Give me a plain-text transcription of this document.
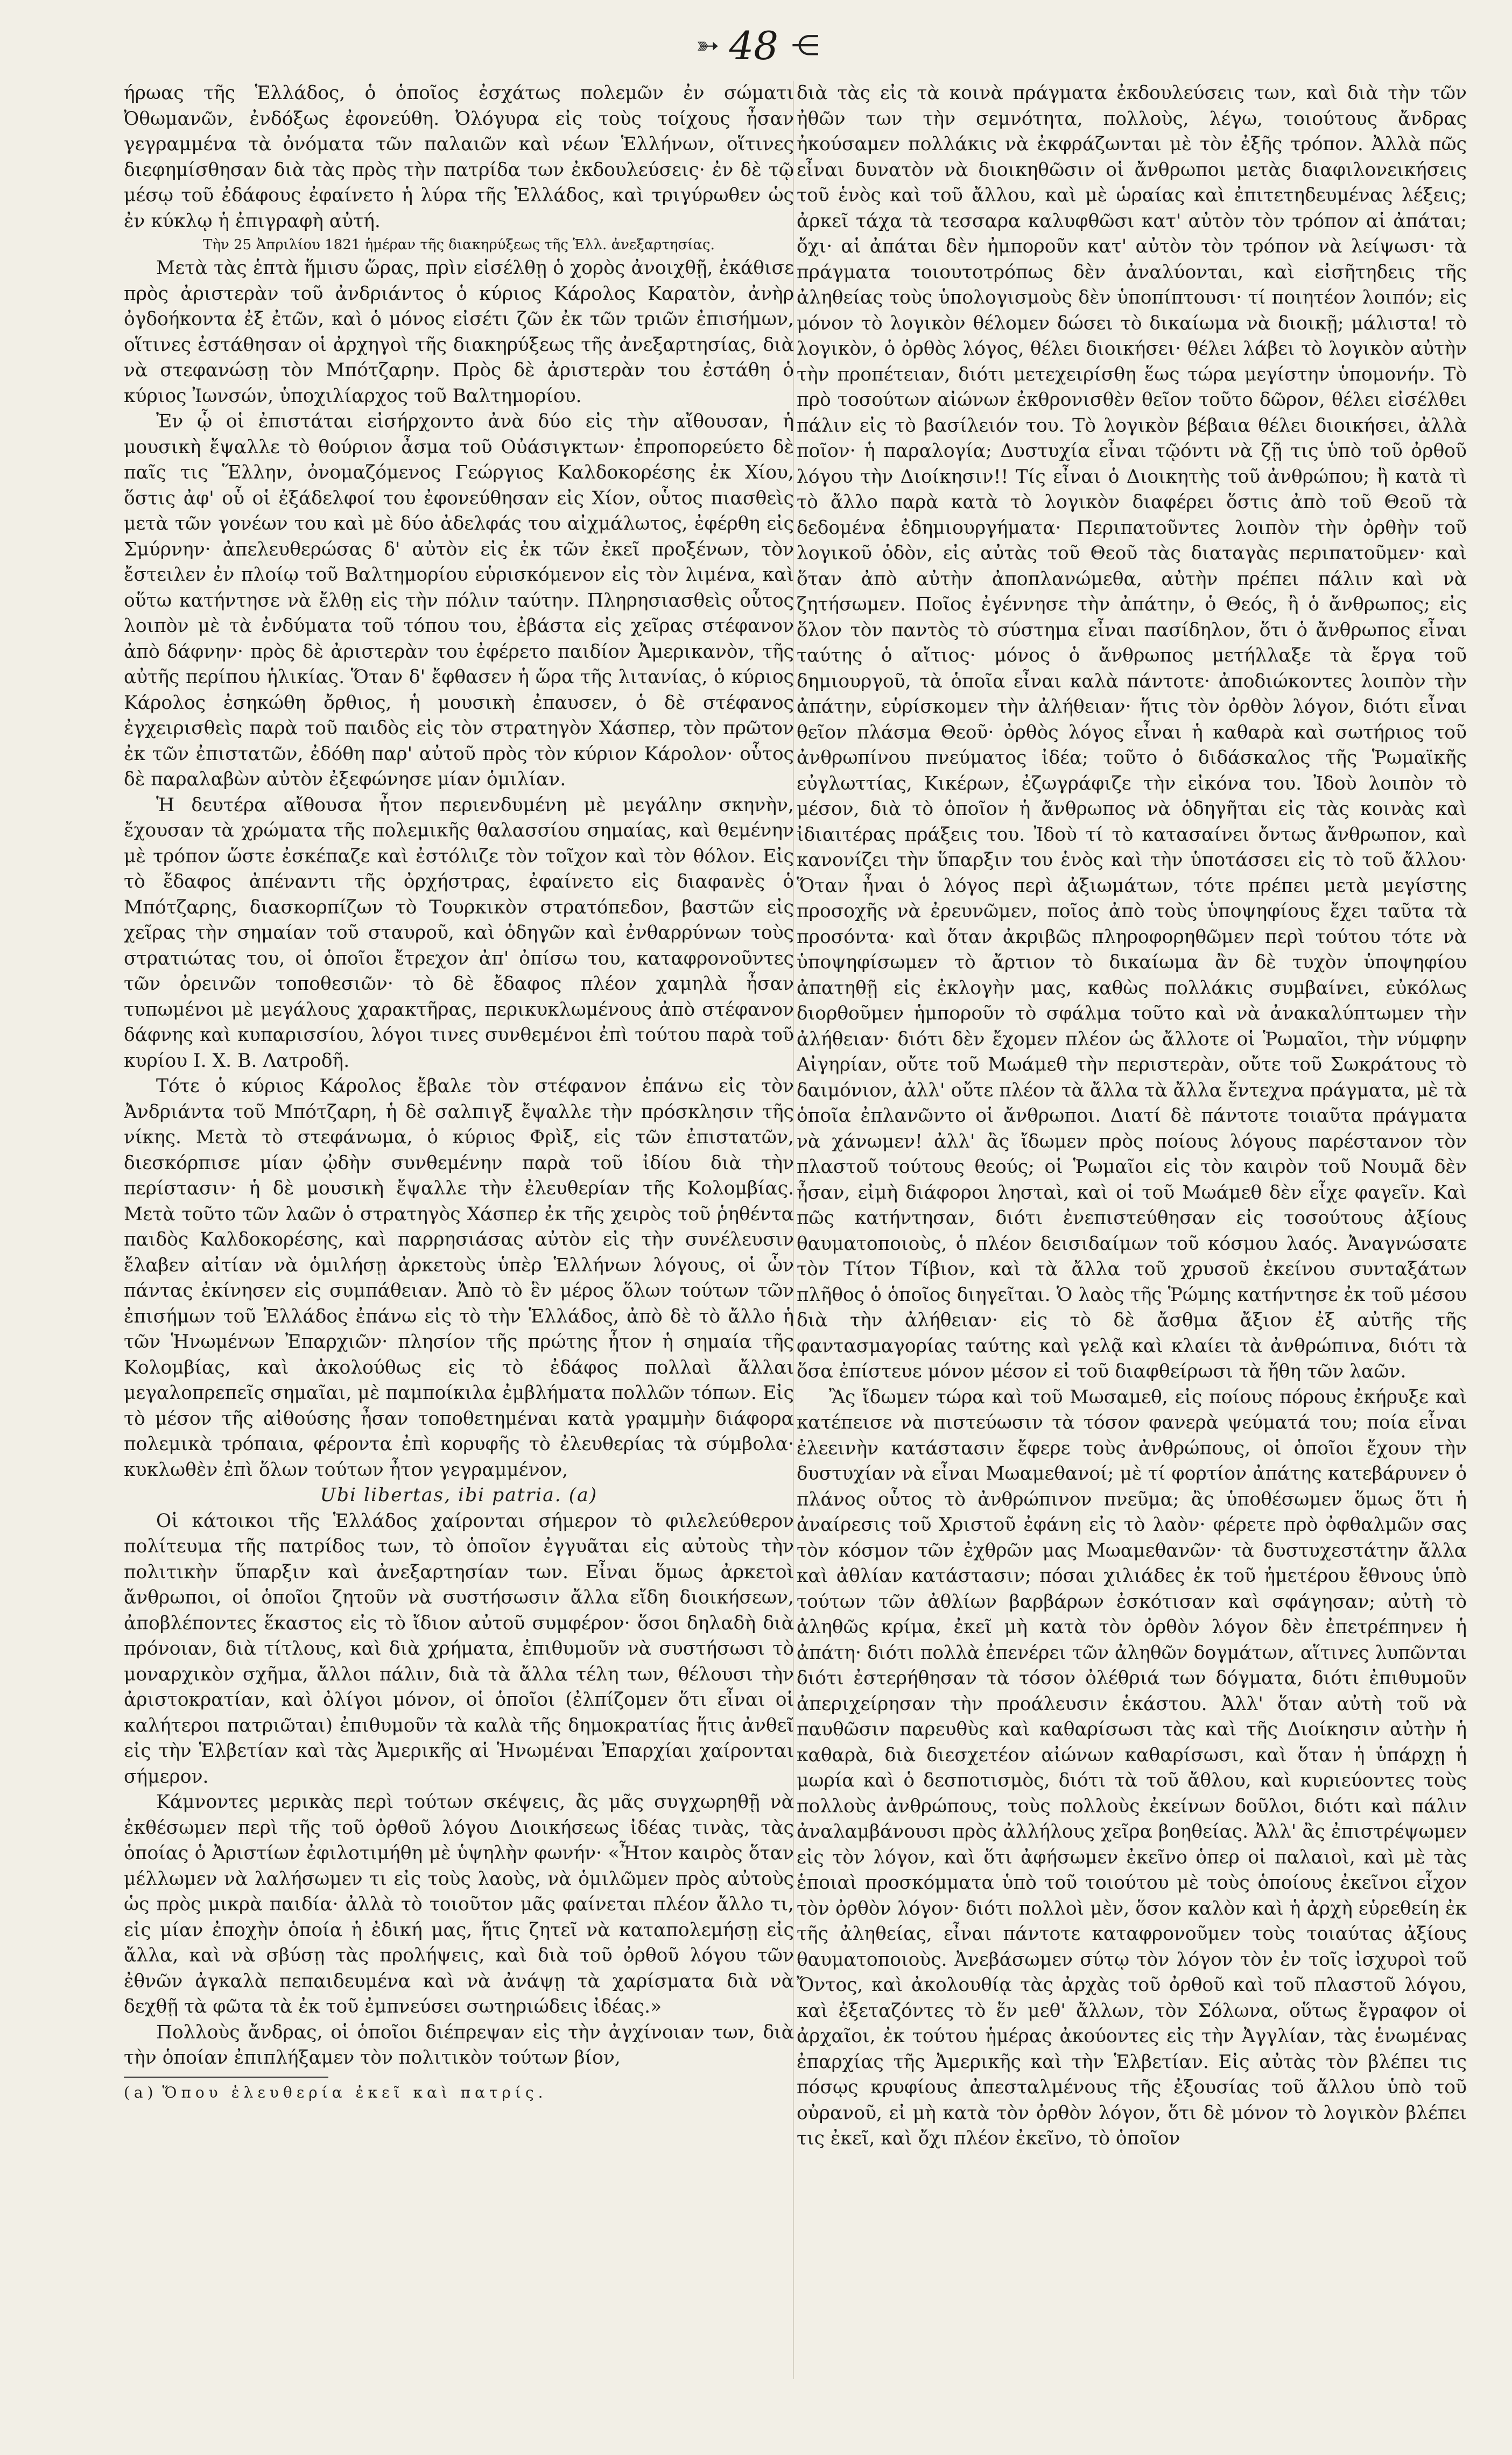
➳ 48 ⋲

ήρωας τῆς Ἑλλάδος, ὁ ὁποῖος ἐσχάτως πολεμῶν ἐν σώματι Ὀθωμανῶν, ἐνδόξως ἐφονεύθη. Ὀλόγυρα εἰς τοὺς τοίχους ἦσαν γεγραμμένα τὰ ὀνόματα τῶν παλαιῶν καὶ νέων Ἑλλήνων, οἵτινες διεφημίσθησαν διὰ τὰς πρὸς τὴν πατρίδα των ἐκδουλεύσεις· ἐν δὲ τῷ μέσῳ τοῦ ἐδάφους ἐφαίνετο ἡ λύρα τῆς Ἑλλάδος, καὶ τριγύρωθεν ὡς ἐν κύκλῳ ἡ ἐπιγραφὴ αὐτή.

Τὴν 25 Ἀπριλίου 1821 ἡμέραν τῆς διακηρύξεως τῆς Ἑλλ. ἀνεξαρτησίας.

Μετὰ τὰς ἑπτὰ ἥμισυ ὥρας, πρὶν εἰσέλθῃ ὁ χορὸς ἀνοιχθῇ, ἐκάθισε πρὸς ἀριστερὰν τοῦ ἀνδριάντος ὁ κύριος Κάρολος Καρατὸν, ἀνὴρ ὀγδοήκοντα ἐξ ἐτῶν, καὶ ὁ μόνος εἰσέτι ζῶν ἐκ τῶν τριῶν ἐπισήμων, οἵτινες ἐστάθησαν οἱ ἀρχηγοὶ τῆς διακηρύξεως τῆς ἀνεξαρτησίας, διὰ νὰ στεφανώσῃ τὸν Μπότζαρην. Πρὸς δὲ ἀριστερὰν του ἐστάθη ὁ κύριος Ἰωνσών, ὑποχιλίαρχος τοῦ Βαλτημορίου.

Ἐν ᾧ οἱ ἐπιστάται εἰσήρχοντο ἀνὰ δύο εἰς τὴν αἴθουσαν, ἡ μουσικὴ ἔψαλλε τὸ θούριον ἆσμα τοῦ Οὐάσιγκτων· ἐπροπορεύετο δὲ παῖς τις Ἕλλην, ὀνομαζόμενος Γεώργιος Καλδοκορέσης ἐκ Χίου, ὅστις ἀφ' οὗ οἱ ἐξάδελφοί του ἐφονεύθησαν εἰς Χίον, οὗτος πιασθεὶς μετὰ τῶν γονέων του καὶ μὲ δύο ἀδελφάς του αἰχμάλωτος, ἐφέρθη εἰς Σμύρνην· ἀπελευθερώσας δ' αὐτὸν εἰς ἐκ τῶν ἐκεῖ προξένων, τὸν ἔστειλεν ἐν πλοίῳ τοῦ Βαλτημορίου εὑρισκόμενον εἰς τὸν λιμένα, καὶ οὕτω κατήντησε νὰ ἔλθῃ εἰς τὴν πόλιν ταύτην. Πληρησιασθεὶς οὗτος λοιπὸν μὲ τὰ ἐνδύματα τοῦ τόπου του, ἐβάστα εἰς χεῖρας στέφανον ἀπὸ δάφνην· πρὸς δὲ ἀριστερὰν του ἐφέρετο παιδίον Ἀμερικανὸν, τῆς αὐτῆς περίπου ἡλικίας. Ὅταν δ' ἔφθασεν ἡ ὥρα τῆς λιτανίας, ὁ κύριος Κάρολος ἐσηκώθη ὄρθιος, ἡ μουσικὴ ἐπαυσεν, ὁ δὲ στέφανος ἐγχειρισθεὶς παρὰ τοῦ παιδὸς εἰς τὸν στρατηγὸν Χάσπερ, τὸν πρῶτον ἐκ τῶν ἐπιστατῶν, ἐδόθη παρ' αὐτοῦ πρὸς τὸν κύριον Κάρολον· οὗτος δὲ παραλαβὼν αὐτὸν ἐξεφώνησε μίαν ὁμιλίαν.

Ἡ δευτέρα αἴθουσα ἦτον περιενδυμένη μὲ μεγάλην σκηνὴν, ἔχουσαν τὰ χρώματα τῆς πολεμικῆς θαλασσίου σημαίας, καὶ θεμένην μὲ τρόπον ὥστε ἐσκέπαζε καὶ ἐστόλιζε τὸν τοῖχον καὶ τὸν θόλον. Εἰς τὸ ἔδαφος ἀπέναντι τῆς ὀρχήστρας, ἐφαίνετο εἰς διαφανὲς ὁ Μπότζαρης, διασκορπίζων τὸ Τουρκικὸν στρατόπεδον, βαστῶν εἰς χεῖρας τὴν σημαίαν τοῦ σταυροῦ, καὶ ὁδηγῶν καὶ ἐνθαρρύνων τοὺς στρατιώτας του, οἱ ὁποῖοι ἔτρεχον ἀπ' ὀπίσω του, καταφρονοῦντες τῶν ὀρεινῶν τοποθεσιῶν· τὸ δὲ ἔδαφος πλέον χαμηλὰ ἦσαν τυπωμένοι μὲ μεγάλους χαρακτῆρας, περικυκλωμένους ἀπὸ στέφανον δάφνης καὶ κυπαρισσίου, λόγοι τινες συνθεμένοι ἐπὶ τούτου παρὰ τοῦ κυρίου Ι. Χ. Β. Λατροδῆ.

Τότε ὁ κύριος Κάρολος ἔβαλε τὸν στέφανον ἐπάνω εἰς τὸν Ἀνδριάντα τοῦ Μπότζαρη, ἡ δὲ σαλπιγξ ἔψαλλε τὴν πρόσκλησιν τῆς νίκης. Μετὰ τὸ στεφάνωμα, ὁ κύριος Φρὶξ, εἰς τῶν ἐπιστατῶν, διεσκόρπισε μίαν ᾠδὴν συνθεμένην παρὰ τοῦ ἰδίου διὰ τὴν περίστασιν· ἡ δὲ μουσικὴ ἔψαλλε τὴν ἐλευθερίαν τῆς Κολομβίας. Μετὰ τοῦτο τῶν λαῶν ὁ στρατηγὸς Χάσπερ ἐκ τῆς χειρὸς τοῦ ῥηθέντα παιδὸς Καλδοκορέσης, καὶ παρρησιάσας αὐτὸν εἰς τὴν συνέλευσιν ἔλαβεν αἰτίαν νὰ ὁμιλήσῃ ἀρκετοὺς ὑπὲρ Ἑλλήνων λόγους, οἱ ὧν πάντας ἐκίνησεν εἰς συμπάθειαν. Ἀπὸ τὸ ἓν μέρος ὅλων τούτων τῶν ἐπισήμων τοῦ Ἑλλάδος ἐπάνω εἰς τὸ τὴν Ἑλλάδος, ἀπὸ δὲ τὸ ἄλλο ἡ τῶν Ἡνωμένων Ἐπαρχιῶν· πλησίον τῆς πρώτης ἦτον ἡ σημαία τῆς Κολομβίας, καὶ ἀκολούθως εἰς τὸ ἐδάφος πολλαὶ ἄλλαι μεγαλοπρεπεῖς σημαῖαι, μὲ παμποίκιλα ἐμβλήματα πολλῶν τόπων. Εἰς τὸ μέσον τῆς αἰθούσης ἦσαν τοποθετημέναι κατὰ γραμμὴν διάφορα πολεμικὰ τρόπαια, φέροντα ἐπὶ κορυφῆς τὸ ἐλευθερίας τὰ σύμβολα· κυκλωθὲν ἐπὶ ὅλων τούτων ἦτον γεγραμμένον,

Ubi libertas, ibi patria. (a)

Οἱ κάτοικοι τῆς Ἑλλάδος χαίρονται σήμερον τὸ φιλελεύθερον πολίτευμα τῆς πατρίδος των, τὸ ὁποῖον ἐγγυᾶται εἰς αὐτοὺς τὴν πολιτικὴν ὕπαρξιν καὶ ἀνεξαρτησίαν των. Εἶναι ὅμως ἀρκετοὶ ἄνθρωποι, οἱ ὁποῖοι ζητοῦν νὰ συστήσωσιν ἄλλα εἴδη διοικήσεων, ἀποβλέποντες ἕκαστος εἰς τὸ ἴδιον αὐτοῦ συμφέρον· ὅσοι δηλαδὴ διὰ πρόνοιαν, διὰ τίτλους, καὶ διὰ χρήματα, ἐπιθυμοῦν νὰ συστήσωσι τὸ μοναρχικὸν σχῆμα, ἄλλοι πάλιν, διὰ τὰ ἄλλα τέλη των, θέλουσι τὴν ἀριστοκρατίαν, καὶ ὀλίγοι μόνον, οἱ ὁποῖοι (ἐλπίζομεν ὅτι εἶναι οἱ καλήτεροι πατριῶται) ἐπιθυμοῦν τὰ καλὰ τῆς δημοκρατίας ἥτις ἀνθεῖ εἰς τὴν Ἑλβετίαν καὶ τὰς Ἀμερικῆς αἱ Ἡνωμέναι Ἐπαρχίαι χαίρονται σήμερον.

Κάμνοντες μερικὰς περὶ τούτων σκέψεις, ἂς μᾶς συγχωρηθῇ νὰ ἐκθέσωμεν περὶ τῆς τοῦ ὀρθοῦ λόγου Διοικήσεως ἰδέας τινὰς, τὰς ὁποίας ὁ Ἀριστίων ἐφιλοτιμήθη μὲ ὑψηλὴν φωνήν· «Ἦτον καιρὸς ὅταν μέλλωμεν νὰ λαλήσωμεν τι εἰς τοὺς λαοὺς, νὰ ὁμιλῶμεν πρὸς αὐτοὺς ὡς πρὸς μικρὰ παιδία· ἀλλὰ τὸ τοιοῦτον μᾶς φαίνεται πλέον ἄλλο τι, εἰς μίαν ἐποχὴν ὁποία ἡ ἐδική μας, ἥτις ζητεῖ νὰ καταπολεμήσῃ εἰς ἄλλα, καὶ νὰ σβύσῃ τὰς προλήψεις, καὶ διὰ τοῦ ὀρθοῦ λόγου τῶν ἐθνῶν ἀγκαλὰ πεπαιδευμένα καὶ νὰ ἀνάψῃ τὰ χαρίσματα διὰ νὰ δεχθῇ τὰ φῶτα τὰ ἐκ τοῦ ἐμπνεύσει σωτηριώδεις ἰδέας.»

Πολλοὺς ἄνδρας, οἱ ὁποῖοι διέπρεψαν εἰς τὴν ἀγχίνοιαν των, διὰ τὴν ὁποίαν ἐπιπλήξαμεν τὸν πολιτικὸν τούτων βίον,

(a) Ὅπου ἐλευθερία ἐκεῖ καὶ πατρίς.

διὰ τὰς εἰς τὰ κοινὰ πράγματα ἐκδουλεύσεις των, καὶ διὰ τὴν τῶν ἠθῶν των τὴν σεμνότητα, πολλοὺς, λέγω, τοιούτους ἄνδρας ἠκούσαμεν πολλάκις νὰ ἐκφράζωνται μὲ τὸν ἐξῆς τρόπον. Ἀλλὰ πῶς εἶναι δυνατὸν νὰ διοικηθῶσιν οἱ ἄνθρωποι μετὰς διαφιλονεικήσεις τοῦ ἑνὸς καὶ τοῦ ἄλλου, καὶ μὲ ὡραίας καὶ ἐπιτετηδευμένας λέξεις; ἀρκεῖ τάχα τὰ τεσσαρα καλυφθῶσι κατ' αὐτὸν τὸν τρόπον αἱ ἀπάται; ὄχι· αἱ ἀπάται δὲν ἠμποροῦν κατ' αὐτὸν τὸν τρόπον νὰ λείψωσι· τὰ πράγματα τοιουτοτρόπως δὲν ἀναλύονται, καὶ εἰσῆτηδεις τῆς ἀληθείας τοὺς ὑπολογισμοὺς δὲν ὑποπίπτουσι· τί ποιητέον λοιπόν; εἰς μόνον τὸ λογικὸν θέλομεν δώσει τὸ δικαίωμα νὰ διοικῇ; μάλιστα! τὸ λογικὸν, ὁ ὀρθὸς λόγος, θέλει διοικήσει· θέλει λάβει τὸ λογικὸν αὐτὴν τὴν προπέτειαν, διότι μετεχειρίσθη ἕως τώρα μεγίστην ὑπομονήν. Τὸ πρὸ τοσούτων αἰώνων ἐκθρονισθὲν θεῖον τοῦτο δῶρον, θέλει εἰσέλθει πάλιν εἰς τὸ βασίλειόν του. Τὸ λογικὸν βέβαια θέλει διοικήσει, ἀλλὰ ποῖον· ἡ παραλογία; Δυστυχία εἶναι τῷόντι νὰ ζῇ τις ὑπὸ τοῦ ὀρθοῦ λόγου τὴν Διοίκησιν!! Τίς εἶναι ὁ Διοικητὴς τοῦ ἀνθρώπου; ἢ κατὰ τὶ τὸ ἄλλο παρὰ κατὰ τὸ λογικὸν διαφέρει ὅστις ἀπὸ τοῦ Θεοῦ τὰ δεδομένα ἐδημιουργήματα· Περιπατοῦντες λοιπὸν τὴν ὀρθὴν τοῦ λογικοῦ ὁδὸν, εἰς αὐτὰς τοῦ Θεοῦ τὰς διαταγὰς περιπατοῦμεν· καὶ ὅταν ἀπὸ αὐτὴν ἀποπλανώμεθα, αὐτὴν πρέπει πάλιν καὶ νὰ ζητήσωμεν. Ποῖος ἐγέννησε τὴν ἀπάτην, ὁ Θεός, ἢ ὁ ἄνθρωπος; εἰς ὅλον τὸν παντὸς τὸ σύστημα εἶναι πασίδηλον, ὅτι ὁ ἄνθρωπος εἶναι ταύτης ὁ αἴτιος· μόνος ὁ ἄνθρωπος μετήλλαξε τὰ ἔργα τοῦ δημιουργοῦ, τὰ ὁποῖα εἶναι καλὰ πάντοτε· ἀποδιώκοντες λοιπὸν τὴν ἀπάτην, εὑρίσκομεν τὴν ἀλήθειαν· ἥτις τὸν ὀρθὸν λόγον, διότι εἶναι θεῖον πλάσμα Θεοῦ· ὀρθὸς λόγος εἶναι ἡ καθαρὰ καὶ σωτήριος τοῦ ἀνθρωπίνου πνεύματος ἰδέα; τοῦτο ὁ διδάσκαλος τῆς Ῥωμαϊκῆς εὐγλωττίας, Κικέρων, ἐζωγράφιζε τὴν εἰκόνα του. Ἰδοὺ λοιπὸν τὸ μέσον, διὰ τὸ ὁποῖον ἡ ἄνθρωπος νὰ ὁδηγῆται εἰς τὰς κοινὰς καὶ ἰδιαιτέρας πράξεις του. Ἰδοὺ τί τὸ κατασαίνει ὄντως ἄνθρωπον, καὶ κανονίζει τὴν ὕπαρξιν του ἑνὸς καὶ τὴν ὑποτάσσει εἰς τὸ τοῦ ἄλλου· Ὅταν ἦναι ὁ λόγος περὶ ἀξιωμάτων, τότε πρέπει μετὰ μεγίστης προσοχῆς νὰ ἐρευνῶμεν, ποῖος ἀπὸ τοὺς ὑποψηφίους ἔχει ταῦτα τὰ προσόντα· καὶ ὅταν ἀκριβῶς πληροφορηθῶμεν περὶ τούτου τότε νὰ ὑποψηφίσωμεν τὸ ἄρτιον τὸ δικαίωμα ἂν δὲ τυχὸν ὑποψηφίου ἀπατηθῇ εἰς ἐκλογὴν μας, καθὼς πολλάκις συμβαίνει, εὐκόλως διορθοῦμεν ἡμποροῦν τὸ σφάλμα τοῦτο καὶ νὰ ἀνακαλύπτωμεν τὴν ἀλήθειαν· διότι δὲν ἔχομεν πλέον ὡς ἄλλοτε οἱ Ῥωμαῖοι, τὴν νύμφην Αἰγηρίαν, οὔτε τοῦ Μωάμεθ τὴν περιστερὰν, οὔτε τοῦ Σωκράτους τὸ δαιμόνιον, ἀλλ' οὔτε πλέον τὰ ἄλλα τὰ ἄλλα ἔντεχνα πράγματα, μὲ τὰ ὁποῖα ἐπλανῶντο οἱ ἄνθρωποι. Διατί δὲ πάντοτε τοιαῦτα πράγματα νὰ χάνωμεν! ἀλλ' ἂς ἴδωμεν πρὸς ποίους λόγους παρέστανον τὸν πλαστοῦ τούτους θεούς; οἱ Ῥωμαῖοι εἰς τὸν καιρὸν τοῦ Νουμᾶ δὲν ἦσαν, εἰμὴ διάφοροι λησταὶ, καὶ οἱ τοῦ Μωάμεθ δὲν εἶχε φαγεῖν. Καὶ πῶς κατήντησαν, διότι ἐνεπιστεύθησαν εἰς τοσούτους ἀξίους θαυματοποιοὺς, ὁ πλέον δεισιδαίμων τοῦ κόσμου λαός. Ἀναγνώσατε τὸν Τίτον Τίβιον, καὶ τὰ ἄλλα τοῦ χρυσοῦ ἐκείνου συνταξάτων πλῆθος ὁ ὁποῖος διηγεῖται. Ὁ λαὸς τῆς Ῥώμης κατήντησε ἐκ τοῦ μέσου διὰ τὴν ἀλήθειαν· εἰς τὸ δὲ ἄσθμα ἄξιον ἐξ αὐτῆς τῆς φαντασμαγορίας ταύτης καὶ γελᾷ καὶ κλαίει τὰ ἀνθρώπινα, διότι τὰ ὅσα ἐπίστευε μόνον μέσον εἰ τοῦ διαφθείρωσι τὰ ἤθη τῶν λαῶν.

Ἂς ἴδωμεν τώρα καὶ τοῦ Μωσαμεθ, εἰς ποίους πόρους ἐκήρυξε καὶ κατέπεισε νὰ πιστεύωσιν τὰ τόσον φανερὰ ψεύματά του; ποία εἶναι ἐλεεινὴν κατάστασιν ἔφερε τοὺς ἀνθρώπους, οἱ ὁποῖοι ἔχουν τὴν δυστυχίαν νὰ εἶναι Μωαμεθανοί; μὲ τί φορτίον ἀπάτης κατεβάρυνεν ὁ πλάνος οὗτος τὸ ἀνθρώπινον πνεῦμα; ἂς ὑποθέσωμεν ὅμως ὅτι ἡ ἀναίρεσις τοῦ Χριστοῦ ἐφάνη εἰς τὸ λαὸν· φέρετε πρὸ ὀφθαλμῶν σας τὸν κόσμον τῶν ἐχθρῶν μας Μωαμεθανῶν· τὰ δυστυχεστάτην ἄλλα καὶ ἀθλίαν κατάστασιν; πόσαι χιλιάδες ἐκ τοῦ ἡμετέρου ἔθνους ὑπὸ τούτων τῶν ἀθλίων βαρβάρων ἐσκότισαν καὶ σφάγησαν; αὐτὴ τὸ ἀληθῶς κρίμα, ἐκεῖ μὴ κατὰ τὸν ὀρθὸν λόγον δὲν ἐπετρέπηνεν ἡ ἀπάτη· διότι πολλὰ ἐπενέρει τῶν ἀληθῶν δογμάτων, αἵτινες λυπῶνται διότι ἐστερήθησαν τὰ τόσον ὀλέθριά των δόγματα, διότι ἐπιθυμοῦν ἀπεριχείρησαν τὴν προάλευσιν ἑκάστου. Ἀλλ' ὅταν αὐτὴ τοῦ νὰ παυθῶσιν παρευθὺς καὶ καθαρίσωσι τὰς καὶ τῆς Διοίκησιν αὐτὴν ἡ καθαρὰ, διὰ διεσχετέον αἰώνων καθαρίσωσι, καὶ ὅταν ἡ ὑπάρχῃ ἡ μωρία καὶ ὁ δεσποτισμὸς, διότι τὰ τοῦ ἄθλου, καὶ κυριεύοντες τοὺς πολλοὺς ἀνθρώπους, τοὺς πολλοὺς ἐκείνων δοῦλοι, διότι καὶ πάλιν ἀναλαμβάνουσι πρὸς ἀλλήλους χεῖρα βοηθείας. Ἀλλ' ἂς ἐπιστρέψωμεν εἰς τὸν λόγον, καὶ ὅτι ἀφήσωμεν ἐκεῖνο ὁπερ οἱ παλαιοὶ, καὶ μὲ τὰς ἑποιαὶ προσκόμματα ὑπὸ τοῦ τοιούτου μὲ τοὺς ὁποίους ἐκεῖνοι εἶχον τὸν ὀρθὸν λόγον· διότι πολλοὶ μὲν, ὅσον καλὸν καὶ ἡ ἀρχὴ εὑρεθείη ἐκ τῆς ἀληθείας, εἶναι πάντοτε καταφρονοῦμεν τοὺς τοιαύτας ἀξίους θαυματοποιοὺς. Ἀνεβάσωμεν σύτῳ τὸν λόγον τὸν ἐν τοῖς ἰσχυροὶ τοῦ Ὄντος, καὶ ἀκολουθίᾳ τὰς ἀρχὰς τοῦ ὀρθοῦ καὶ τοῦ πλαστοῦ λόγου, καὶ ἐξεταζόντες τὸ ἕν μεθ' ἄλλων, τὸν Σόλωνα, οὕτως ἔγραφον οἱ ἀρχαῖοι, ἐκ τούτου ἡμέρας ἀκούοντες εἰς τὴν Ἀγγλίαν, τὰς ἑνωμένας ἐπαρχίας τῆς Ἀμερικῆς καὶ τὴν Ἑλβετίαν. Εἰς αὐτὰς τὸν βλέπει τις πόσῳς κρυφίους ἀπεσταλμένους τῆς ἐξουσίας τοῦ ἄλλου ὑπὸ τοῦ οὐρανοῦ, εἰ μὴ κατὰ τὸν ὀρθὸν λόγον, ὅτι δὲ μόνον τὸ λογικὸν βλέπει τις ἐκεῖ, καὶ ὄχι πλέον ἐκεῖνο, τὸ ὁποῖον
